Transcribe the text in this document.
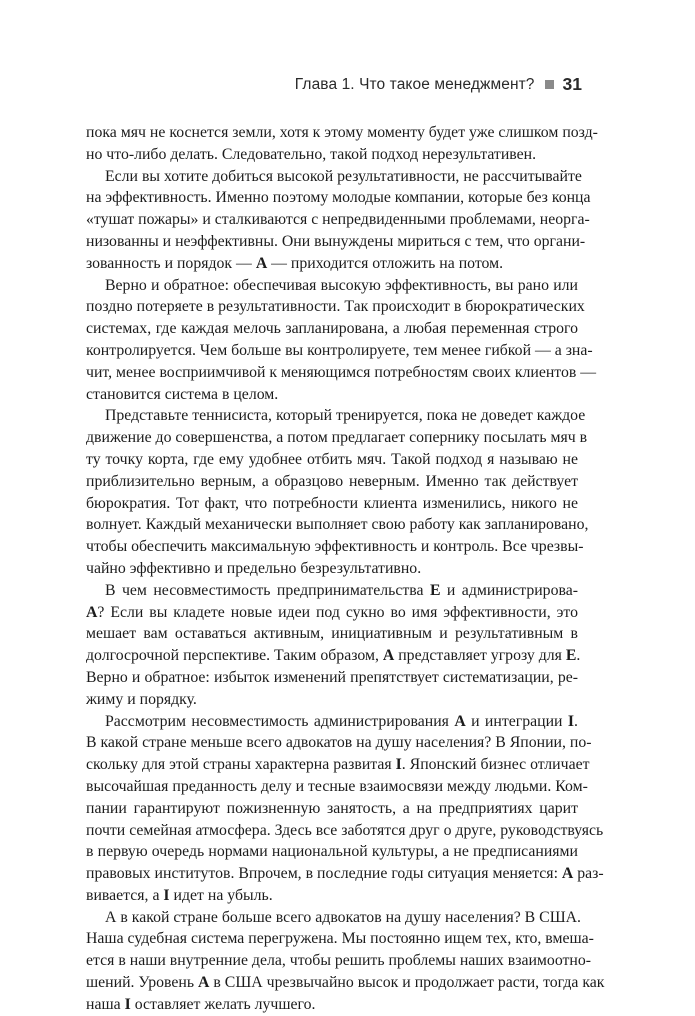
Глава 1. Что такое менеджмент? 31
пока мяч не коснется земли, хотя к этому моменту будет уже слишком позд-
но что-либо делать. Следовательно, такой подход нерезультативен.
Если вы хотите добиться высокой результативности, не рассчитывайте
на эффективность. Именно поэтому молодые компании, которые без конца
«тушат пожары» и сталкиваются с непредвиденными проблемами, неорга-
низованны и неэффективны. Они вынуждены мириться с тем, что органи-
зованность и порядок — A — приходится отложить на потом.
Верно и обратное: обеспечивая высокую эффективность, вы рано или
поздно потеряете в результативности. Так происходит в бюрократических
системах, где каждая мелочь запланирована, а любая переменная строго
контролируется. Чем больше вы контролируете, тем менее гибкой — а зна-
чит, менее восприимчивой к меняющимся потребностям своих клиентов —
становится система в целом.
Представьте теннисиста, который тренируется, пока не доведет каждое
движение до совершенства, а потом предлагает сопернику посылать мяч в
ту точку корта, где ему удобнее отбить мяч. Такой подход я называю не
приблизительно верным, а образцово неверным. Именно так действует
бюрократия. Тот факт, что потребности клиента изменились, никого не
волнует. Каждый механически выполняет свою работу как запланировано,
чтобы обеспечить максимальную эффективность и контроль. Все чрезвы-
чайно эффективно и предельно безрезультативно.
В чем несовместимость предпринимательства E и администрирова-
A? Если вы кладете новые идеи под сукно во имя эффективности, это
мешает вам оставаться активным, инициативным и результативным в
долгосрочной перспективе. Таким образом, A представляет угрозу для E.
Верно и обратное: избыток изменений препятствует систематизации, ре-
жиму и порядку.
Рассмотрим несовместимость администрирования A и интеграции I.
В какой стране меньше всего адвокатов на душу населения? В Японии, по-
скольку для этой страны характерна развитая I. Японский бизнес отличает
высочайшая преданность делу и тесные взаимосвязи между людьми. Ком-
пании гарантируют пожизненную занятость, а на предприятиях царит
почти семейная атмосфера. Здесь все заботятся друг о друге, руководствуясь
в первую очередь нормами национальной культуры, а не предписаниями
правовых институтов. Впрочем, в последние годы ситуация меняется: A раз-
вивается, а I идет на убыль.
А в какой стране больше всего адвокатов на душу населения? В США.
Наша судебная система перегружена. Мы постоянно ищем тех, кто, вмеша-
ется в наши внутренние дела, чтобы решить проблемы наших взаимоотно-
шений. Уровень A в США чрезвычайно высок и продолжает расти, тогда как
наша I оставляет желать лучшего.
